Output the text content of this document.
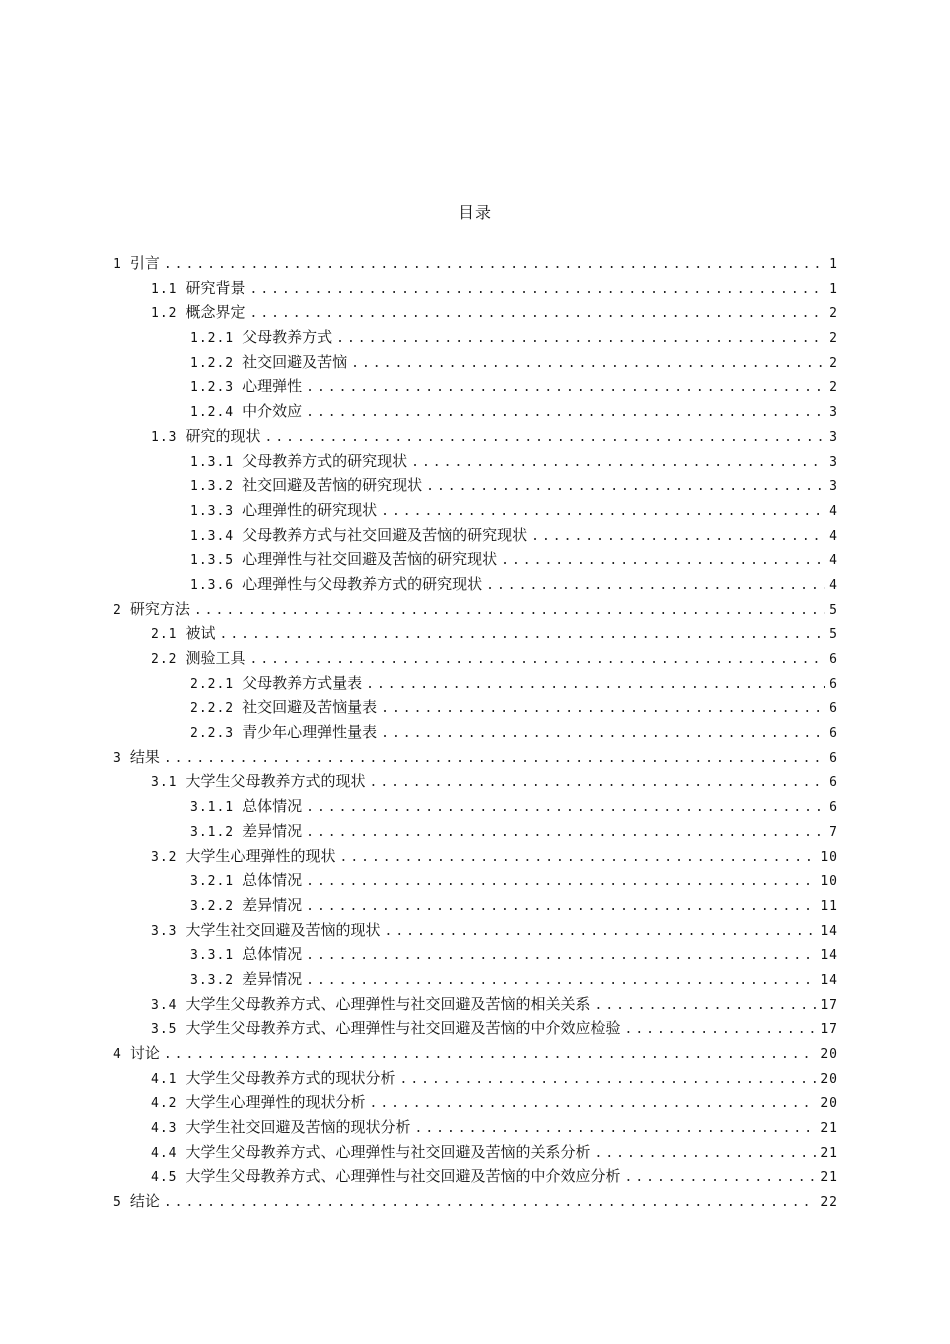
目录
1 引言 .....	1
1.1 研究背景 .....	1
1.2 概念界定 .....	2
1.2.1 父母教养方式 .....	2
1.2.2 社交回避及苦恼 .....	2
1.2.3 心理弹性 .....	2
1.2.4 中介效应 .....	3
1.3 研究的现状 .....	3
1.3.1 父母教养方式的研究现状 .....	3
1.3.2 社交回避及苦恼的研究现状 .....	3
1.3.3 心理弹性的研究现状 .....	4
1.3.4 父母教养方式与社交回避及苦恼的研究现状 .....	4
1.3.5 心理弹性与社交回避及苦恼的研究现状 .....	4
1.3.6 心理弹性与父母教养方式的研究现状 .....	4
2 研究方法 .....	5
2.1 被试 .....	5
2.2 测验工具 .....	6
2.2.1 父母教养方式量表 .....	6
2.2.2 社交回避及苦恼量表 .....	6
2.2.3 青少年心理弹性量表 .....	6
3 结果 .....	6
3.1 大学生父母教养方式的现状 .....	6
3.1.1 总体情况 .....	6
3.1.2 差异情况 .....	7
3.2 大学生心理弹性的现状 .....	10
3.2.1 总体情况 .....	10
3.2.2 差异情况 .....	11
3.3 大学生社交回避及苦恼的现状 .....	14
3.3.1 总体情况 .....	14
3.3.2 差异情况 .....	14
3.4 大学生父母教养方式、心理弹性与社交回避及苦恼的相关关系 .....	17
3.5 大学生父母教养方式、心理弹性与社交回避及苦恼的中介效应检验 .....	17
4 讨论 .....	20
4.1 大学生父母教养方式的现状分析 .....	20
4.2 大学生心理弹性的现状分析 .....	20
4.3 大学生社交回避及苦恼的现状分析 .....	21
4.4 大学生父母教养方式、心理弹性与社交回避及苦恼的关系分析 .....	21
4.5 大学生父母教养方式、心理弹性与社交回避及苦恼的中介效应分析 .....	21
5 结论 .....	22
